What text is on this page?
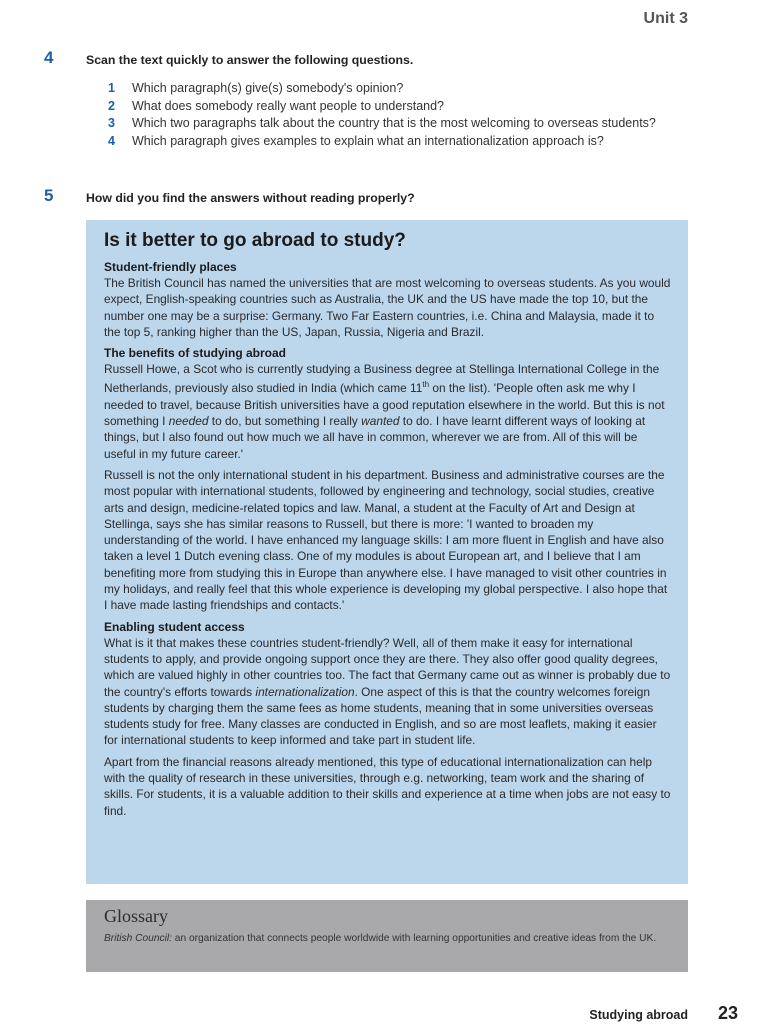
Unit 3
4	Scan the text quickly to answer the following questions.
1 Which paragraph(s) give(s) somebody's opinion?
2 What does somebody really want people to understand?
3 Which two paragraphs talk about the country that is the most welcoming to overseas students?
4 Which paragraph gives examples to explain what an internationalization approach is?
5	How did you find the answers without reading properly?
Is it better to go abroad to study?
Student-friendly places

The British Council has named the universities that are most welcoming to overseas students. As you would expect, English-speaking countries such as Australia, the UK and the US have made the top 10, but the number one may be a surprise: Germany. Two Far Eastern countries, i.e. China and Malaysia, made it to the top 5, ranking higher than the US, Japan, Russia, Nigeria and Brazil.

The benefits of studying abroad

Russell Howe, a Scot who is currently studying a Business degree at Stellinga International College in the Netherlands, previously also studied in India (which came 11th on the list). 'People often ask me why I needed to travel, because British universities have a good reputation elsewhere in the world. But this is not something I needed to do, but something I really wanted to do. I have learnt different ways of looking at things, but I also found out how much we all have in common, wherever we are from. All of this will be useful in my future career.'

Russell is not the only international student in his department. Business and administrative courses are the most popular with international students, followed by engineering and technology, social studies, creative arts and design, medicine-related topics and law. Manal, a student at the Faculty of Art and Design at Stellinga, says she has similar reasons to Russell, but there is more: 'I wanted to broaden my understanding of the world. I have enhanced my language skills: I am more fluent in English and have also taken a level 1 Dutch evening class. One of my modules is about European art, and I believe that I am benefiting more from studying this in Europe than anywhere else. I have managed to visit other countries in my holidays, and really feel that this whole experience is developing my global perspective. I also hope that I have made lasting friendships and contacts.'

Enabling student access

What is it that makes these countries student-friendly? Well, all of them make it easy for international students to apply, and provide ongoing support once they are there. They also offer good quality degrees, which are valued highly in other countries too. The fact that Germany came out as winner is probably due to the country's efforts towards internationalization. One aspect of this is that the country welcomes foreign students by charging them the same fees as home students, meaning that in some universities overseas students study for free. Many classes are conducted in English, and so are most leaflets, making it easier for international students to keep informed and take part in student life.

Apart from the financial reasons already mentioned, this type of educational internationalization can help with the quality of research in these universities, through e.g. networking, team work and the sharing of skills. For students, it is a valuable addition to their skills and experience at a time when jobs are not easy to find.

Glossary

British Council: an organization that connects people worldwide with learning opportunities and creative ideas from the UK.

Studying abroad 23
